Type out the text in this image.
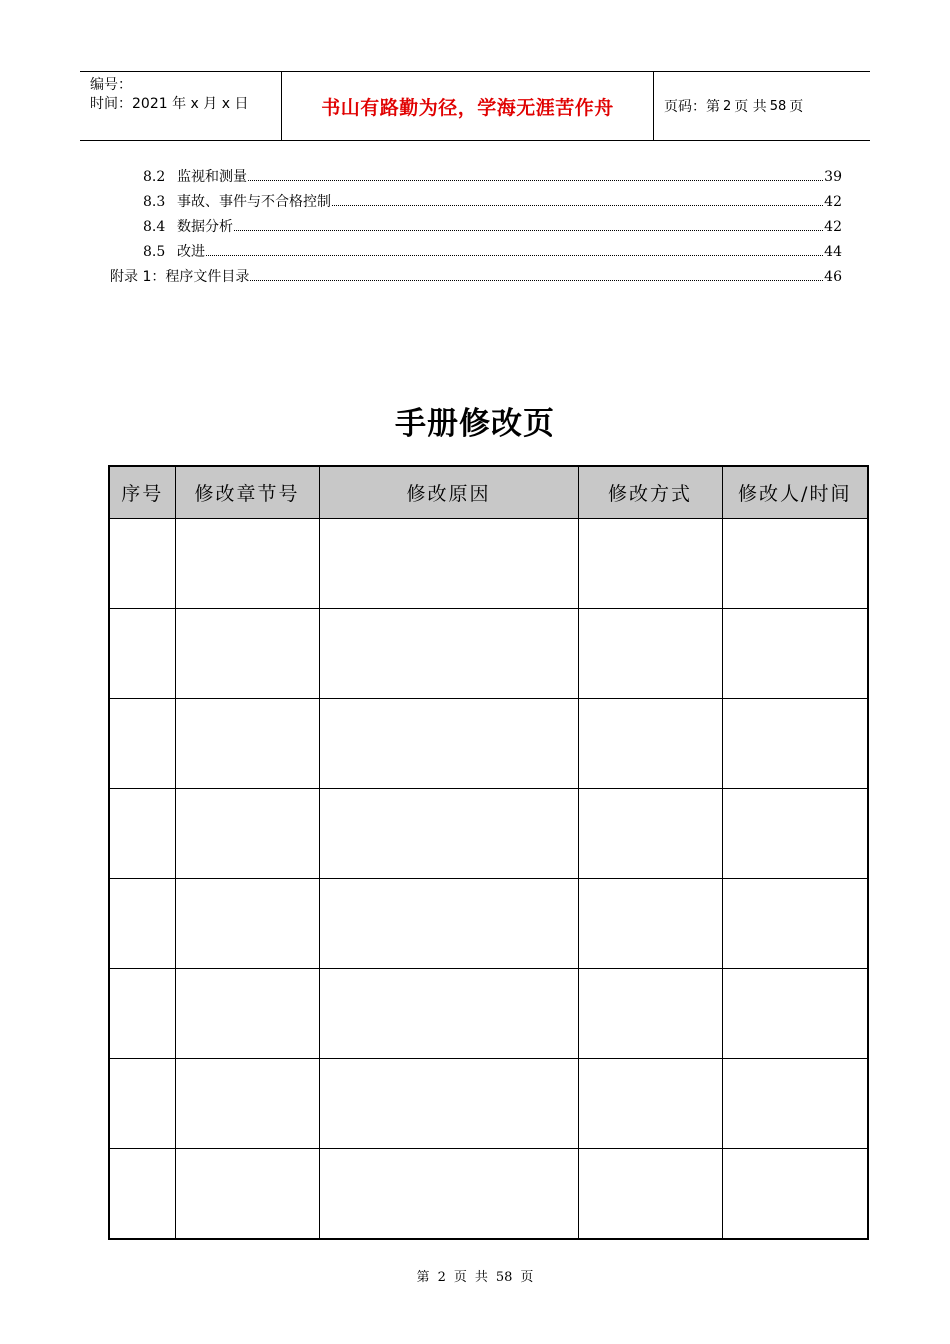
编号：
时间：2021 年 x 月 x 日	书山有路勤为径，学海无涯苦作舟	页码：第 2 页 共 58 页
8.2 监视和测量	39
8.3 事故、事件与不合格控制	42
8.4 数据分析	42
8.5 改进	44
附录 1：程序文件目录	46
手册修改页
序号	修改章节号	修改原因	修改方式	修改人/时间

第 2 页 共 58 页
